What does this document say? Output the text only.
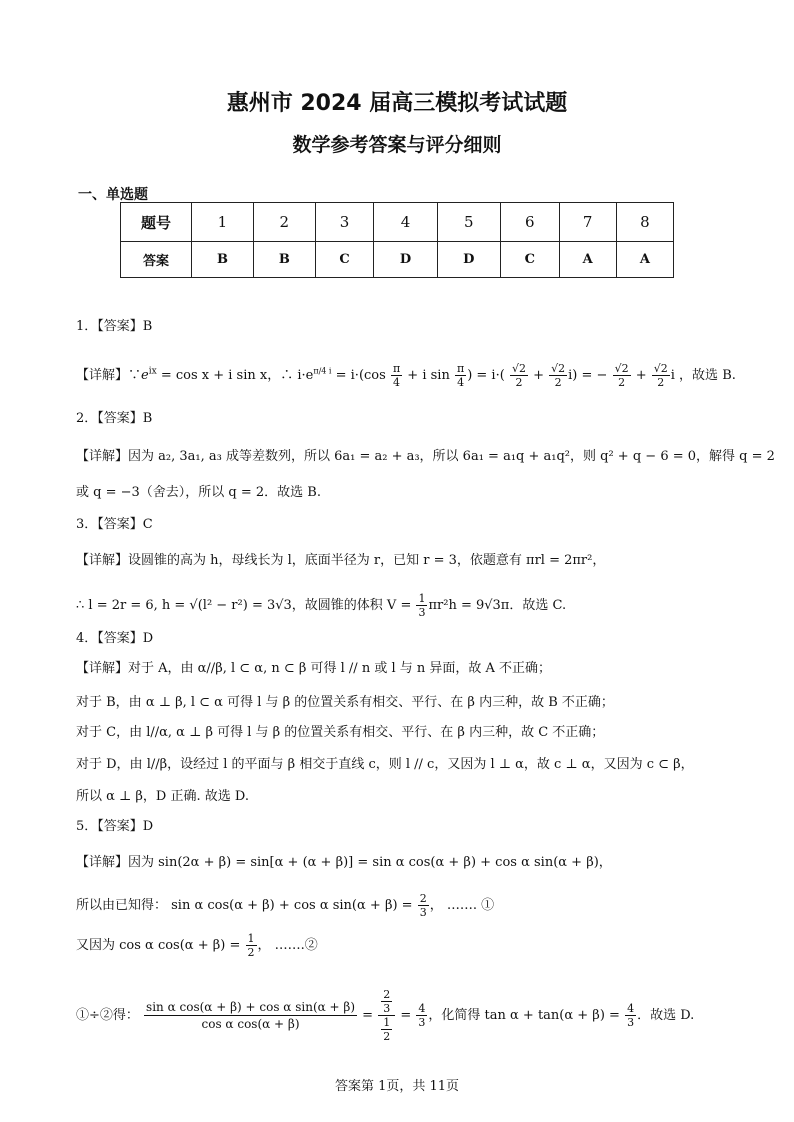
惠州市 2024 届高三模拟考试试题
数学参考答案与评分细则
一、单选题
题号	1	2	3	4	5	6	7	8
答案	B	B	C	D	D	C	A	A
1．【答案】B
【详解】$\because e^{ix} = \cos x + i$ sin x，∴ $i\cdot e^{\pi/4 i} = i\cdot(\cos \frac{\pi}{4} + i$ $\sin \frac{\pi}{4}$ ) = $i\cdot( \frac{√2}{2} + \frac{√2}{2} i)$ = − $\frac{√2}{2} + \frac{√2}{2}$ i ，故选 B.
2．【答案】B
【详解】因为 a₂, 3a₁, a₃ 成等差数列，所以 6a₁ = a₂ + a₃，所以 6a₁ = a₁q + a₁q²，则 q² + q − 6 = 0，解得 q = 2
或 q = −3（舍去），所以 q = 2．故选 B.
3．【答案】C
【详解】设圆锥的高为 h，母线长为 l，底面半径为 r，已知 r = 3，依题意有 πrl = 2πr²，
∴ l = 2r = 6, h = √(l² − r²) = 3√3，故圆锥的体积 $V = \frac{1}{3} \pi r^2h = 9√3\pi$．故选 C.
4．【答案】D
【详解】对于 A，由 α//β, l ⊂ α, n ⊂ β 可得 l // n 或 l 与 n 异面，故 A 不正确；
对于 B，由 α ⊥ β, l ⊂ α 可得 l 与 β 的位置关系有相交、平行、在 β 内三种，故 B 不正确；
对于 C，由 l//α, α ⊥ β 可得 l 与 β 的位置关系有相交、平行、在 β 内三种，故 C 不正确；
对于 D，由 l//β，设经过 l 的平面与 β 相交于直线 c，则 l // c，又因为 l ⊥ α，故 c ⊥ α，又因为 c ⊂ β，
所以 α ⊥ β，D 正确. 故选 D.
5．【答案】D
【详解】因为 sin(2α + β) = sin[α + (α + β)] = sin α cos(α + β) + cos α sin(α + β)，
所以由已知得： sin α cos(α + β) + cos α $\sin(\alpha + \beta) = \frac{2}{3}$ ， ……. ①
又因为 cos α $\cos(\alpha + \beta) = \frac{1}{2}$ ， …….②
①÷②得： $\frac{\text{sin α cos(α + β) + cos α sin(α + β)}}{\text{cos α cos(α + β)}} = \frac{\frac{2}{3}}{\frac{1}{2}} = \frac{4}{3}$ ，化简得 $\tan \alpha + \tan(\alpha + \beta) = \frac{4}{3}$ ．故选 D.
答案第 1页，共 11页
